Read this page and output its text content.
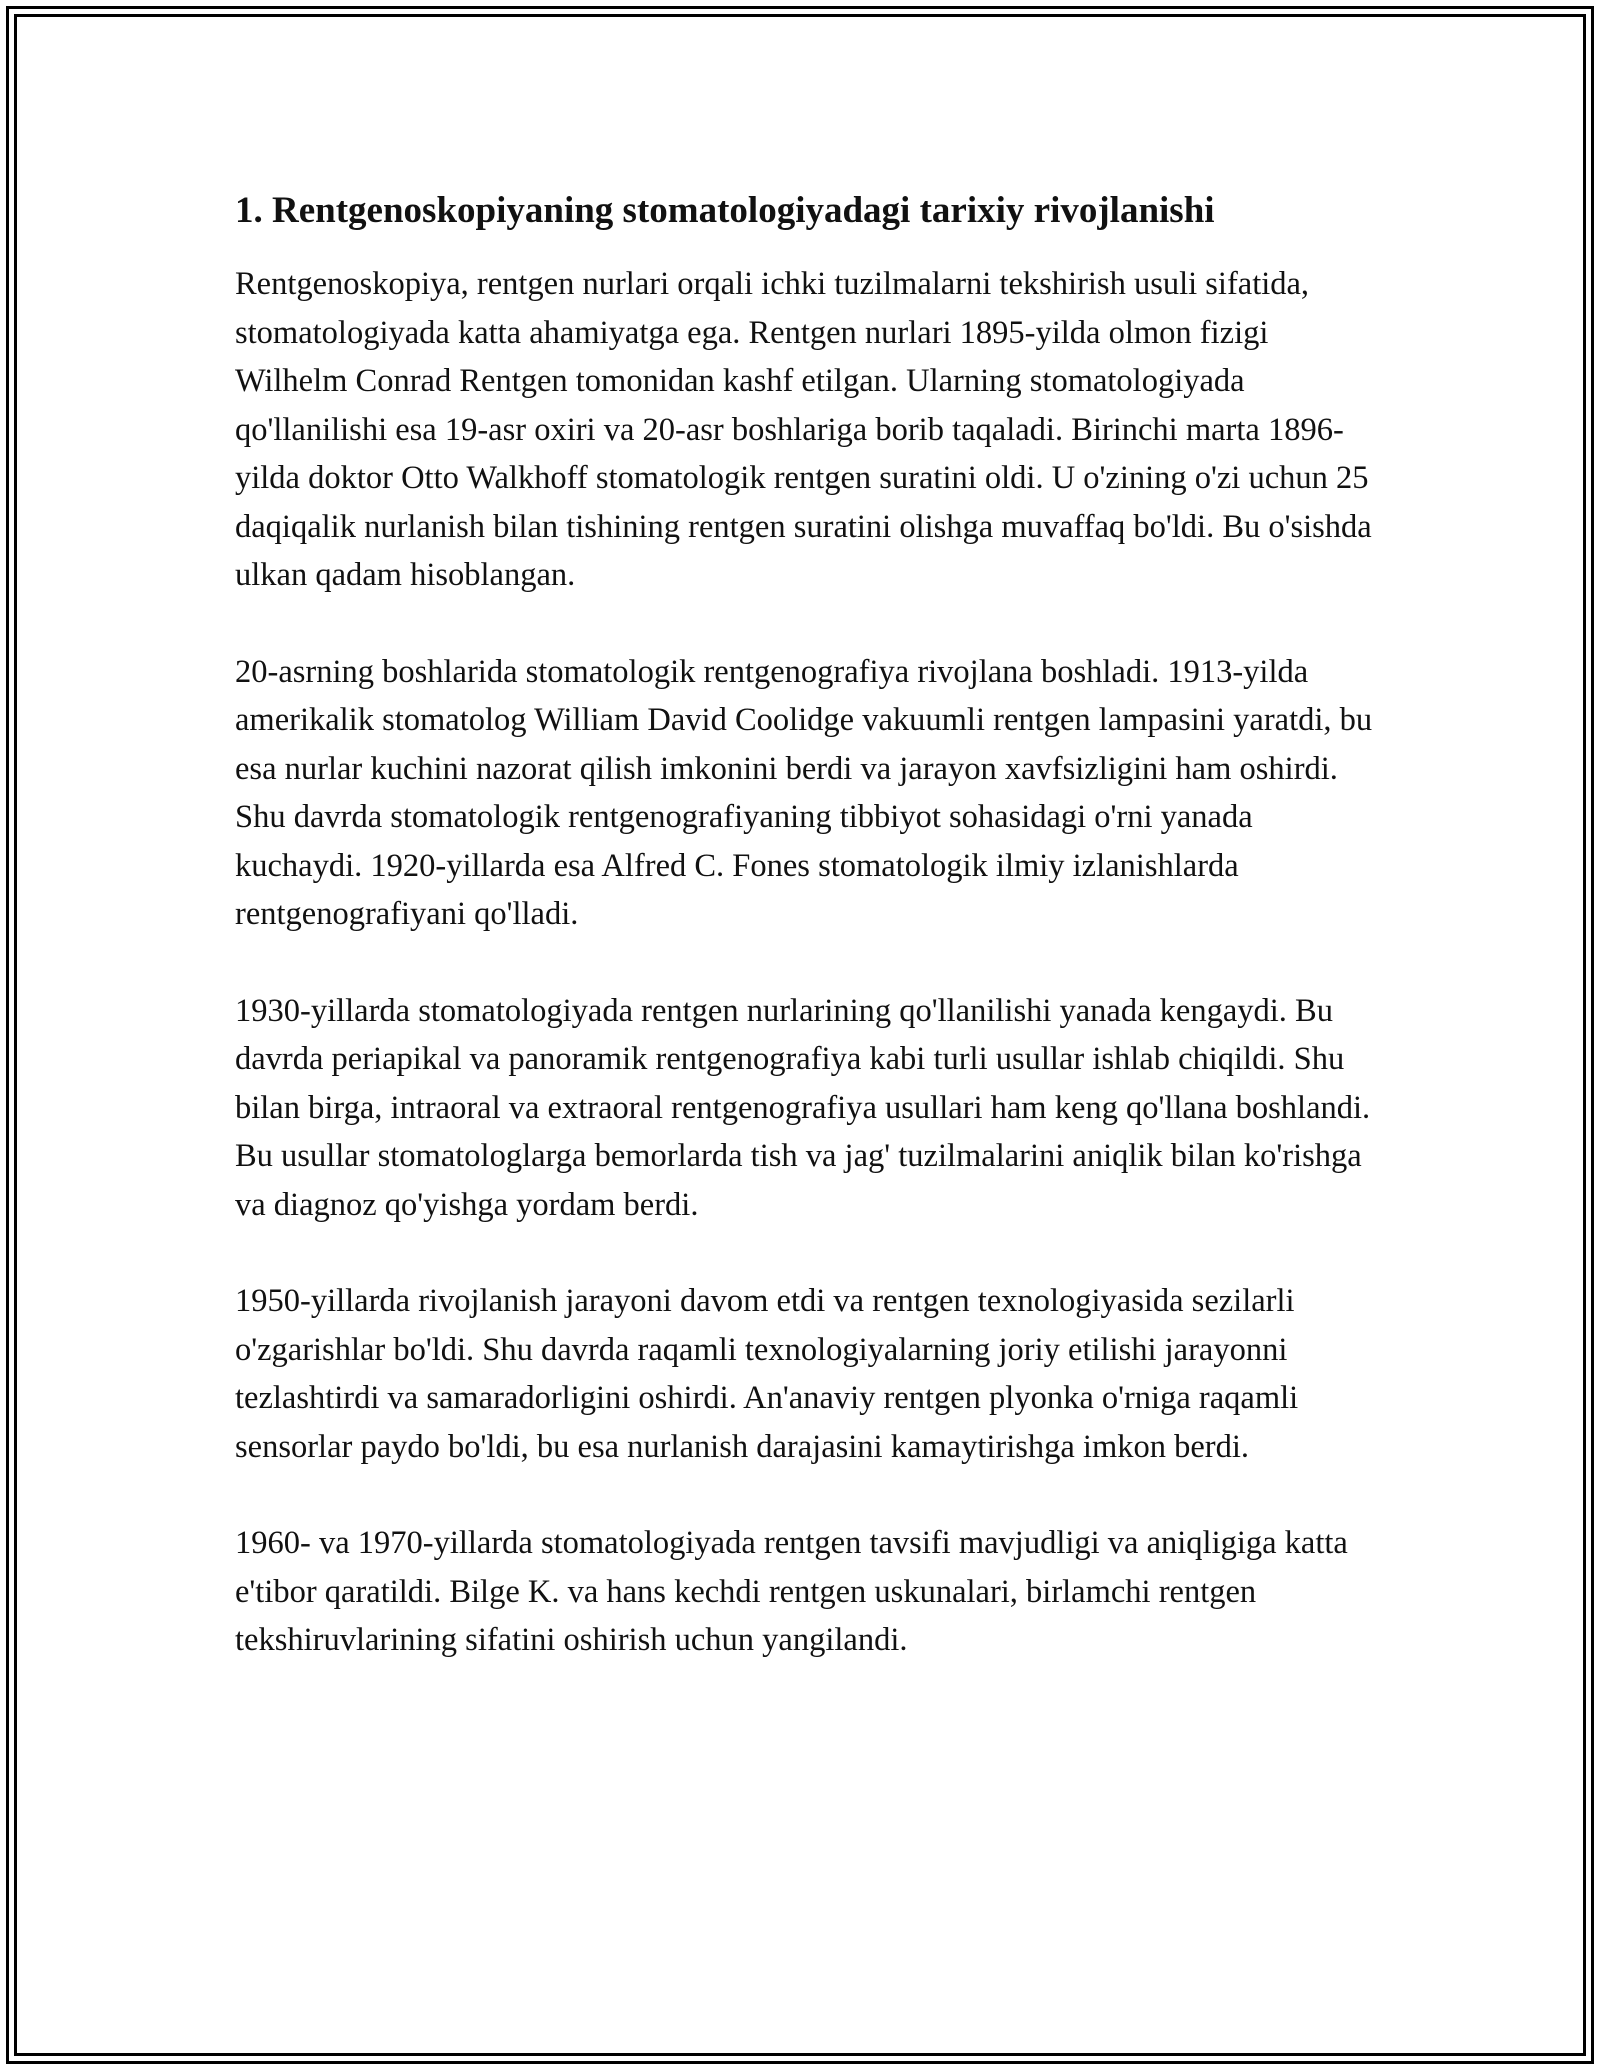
1. Rentgenoskopiyaning stomatologiyadagi tarixiy rivojlanishi

Rentgenoskopiya, rentgen nurlari orqali ichki tuzilmalarni tekshirish usuli sifatida, stomatologiyada katta ahamiyatga ega. Rentgen nurlari 1895-yilda olmon fizigi Wilhelm Conrad Rentgen tomonidan kashf etilgan. Ularning stomatologiyada qo'llanilishi esa 19-asr oxiri va 20-asr boshlariga borib taqaladi. Birinchi marta 1896-yilda doktor Otto Walkhoff stomatologik rentgen suratini oldi. U o'zining o'zi uchun 25 daqiqalik nurlanish bilan tishining rentgen suratini olishga muvaffaq bo'ldi. Bu o'sishda ulkan qadam hisoblangan.

20-asrning boshlarida stomatologik rentgenografiya rivojlana boshladi. 1913-yilda amerikalik stomatolog William David Coolidge vakuumli rentgen lampasini yaratdi, bu esa nurlar kuchini nazorat qilish imkonini berdi va jarayon xavfsizligini ham oshirdi. Shu davrda stomatologik rentgenografiyaning tibbiyot sohasidagi o'rni yanada kuchaydi. 1920-yillarda esa Alfred C. Fones stomatologik ilmiy izlanishlarda rentgenografiyani qo'lladi.

1930-yillarda stomatologiyada rentgen nurlarining qo'llanilishi yanada kengaydi. Bu davrda periapikal va panoramik rentgenografiya kabi turli usullar ishlab chiqildi. Shu bilan birga, intraoral va extraoral rentgenografiya usullari ham keng qo'llana boshlandi. Bu usullar stomatologlarga bemorlarda tish va jag' tuzilmalarini aniqlik bilan ko'rishga va diagnoz qo'yishga yordam berdi.

1950-yillarda rivojlanish jarayoni davom etdi va rentgen texnologiyasida sezilarli o'zgarishlar bo'ldi. Shu davrda raqamli texnologiyalarning joriy etilishi jarayonni tezlashtirdi va samaradorligini oshirdi. An'anaviy rentgen plyonka o'rniga raqamli sensorlar paydo bo'ldi, bu esa nurlanish darajasini kamaytirishga imkon berdi.

1960- va 1970-yillarda stomatologiyada rentgen tavsifi mavjudligi va aniqligiga katta e'tibor qaratildi. Bilge K. va hans kechdi rentgen uskunalari, birlamchi rentgen tekshiruvlarining sifatini oshirish uchun yangilandi.
